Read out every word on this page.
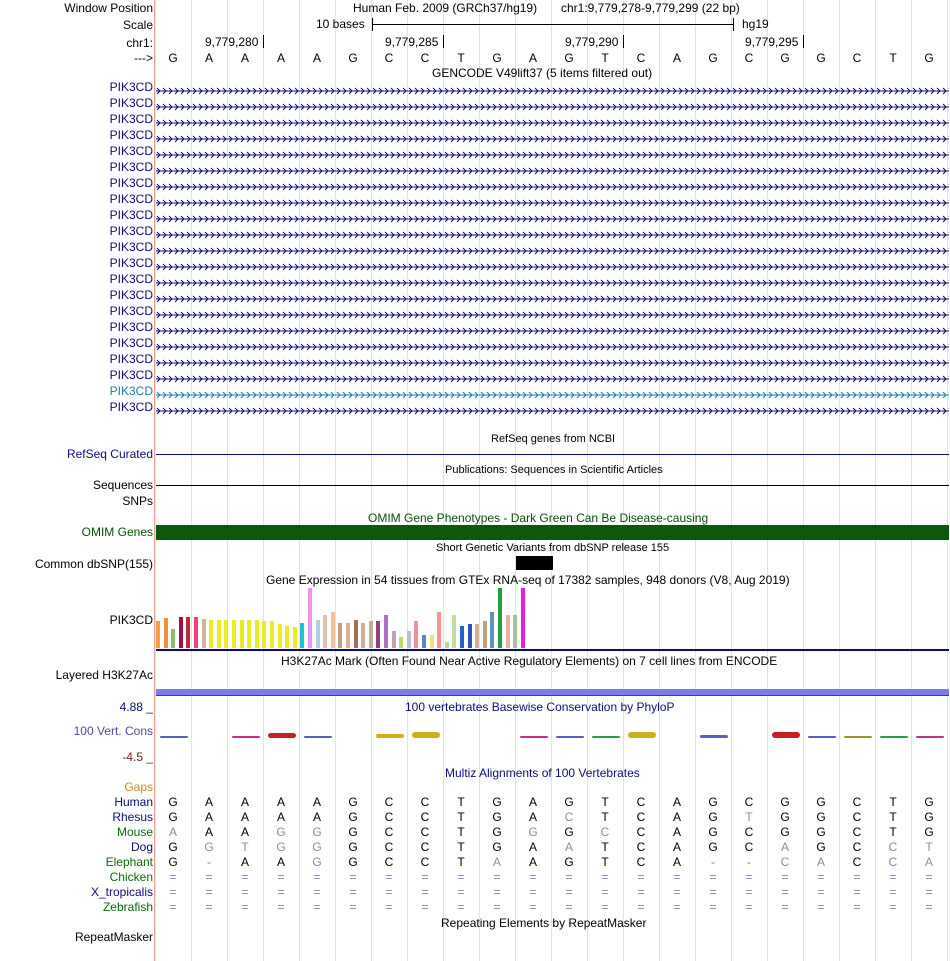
Window Position	Human Feb. 2009 (GRCh37/hg19) chr1:9,779,278-9,779,299 (22 bp)
Scale	10 bases	hg19
chr1:	9,779,280	9,779,285	9,779,290	9,779,295
--->	G	A	A	A	A	G	C	C	T	G	A	G	T	C	A	G	C	G	G	C	T	G
GENCODE V49lift37 (5 items filtered out)
PIK3CD
PIK3CD
PIK3CD
PIK3CD
PIK3CD
PIK3CD
PIK3CD
PIK3CD
PIK3CD
PIK3CD
PIK3CD
PIK3CD
PIK3CD
PIK3CD
PIK3CD
PIK3CD
PIK3CD
PIK3CD
PIK3CD
PIK3CD
PIK3CD
RefSeq genes from NCBI
RefSeq Curated
Publications: Sequences in Scientific Articles
Sequences
SNPs
OMIM Gene Phenotypes - Dark Green Can Be Disease-causing
OMIM Genes
Short Genetic Variants from dbSNP release 155
Common dbSNP(155)
Gene Expression in 54 tissues from GTEx RNA-seq of 17382 samples, 948 donors (V8, Aug 2019)
PIK3CD
H3K27Ac Mark (Often Found Near Active Regulatory Elements) on 7 cell lines from ENCODE
Layered H3K27Ac
100 vertebrates Basewise Conservation by PhyloP
4.88 _
100 Vert. Cons
-4.5 _
Multiz Alignments of 100 Vertebrates
Gaps
Human	G	A	A	A	A	G	C	C	T	G	A	G	T	C	A	G	C	G	G	C	T	G
Rhesus	G	A	A	A	A	G	C	C	T	G	A	C	T	C	A	G	T	G	G	C	T	G
Mouse	A	A	A	G	G	G	C	C	T	G	G	G	C	C	A	G	C	G	G	C	T	G
Dog	G	G	T	G	G	G	C	C	T	G	A	A	T	C	A	G	C	A	G	C	C	T
Elephant	G	-	A	A	G	G	C	C	T	A	A	G	T	C	A	-	-	C	A	C	C	A
Chicken	=	=	=	=	=	=	=	=	=	=	=	=	=	=	=	=	=	=	=	=	=	=
X_tropicalis	=	=	=	=	=	=	=	=	=	=	=	=	=	=	=	=	=	=	=	=	=	=
Zebrafish	=	=	=	=	=	=	=	=	=	=	=	=	=	=	=	=	=	=	=	=	=	=
Repeating Elements by RepeatMasker
RepeatMasker
